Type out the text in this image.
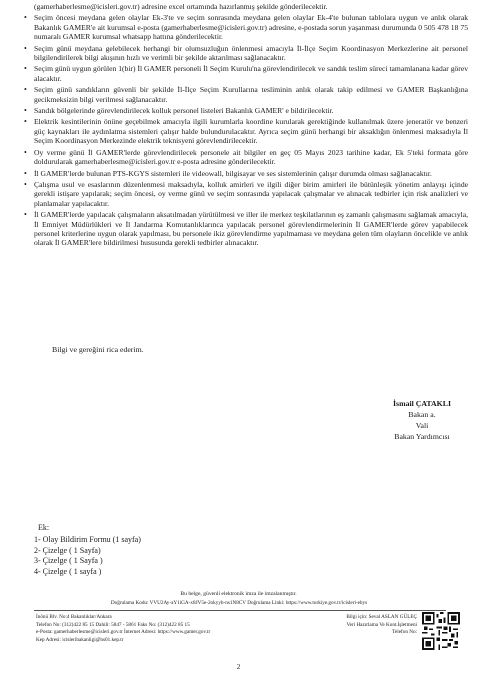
(gamerhaberlesme@icisleri.gov.tr) adresine excel ortamında hazırlanmış şekilde gönderilecektir.
• Seçim öncesi meydana gelen olaylar Ek-3'te ve seçim sonrasında meydana gelen olaylar Ek-4'te bulunan tablolara uygun ve anlık olarak Bakanlık GAMER'e ait kurumsal e-posta (gamerhaberlesme@icisleri.gov.tr) adresine, e-postada sorun yaşanması durumunda 0 505 478 18 75 numaralı GAMER kurumsal whatsapp hattına gönderilecektir.
• Seçim günü meydana gelebilecek herhangi bir olumsuzluğun önlenmesi amacıyla İl-İlçe Seçim Koordinasyon Merkezlerine ait personel bilgilendirilerek bilgi akışının hızlı ve verimli bir şekilde aktarılması sağlanacaktır.
• Seçim günü uygun görülen 1(bir) İl GAMER personeli İl Seçim Kurulu'na görevlendirilecek ve sandık teslim süreci tamamlanana kadar görev alacaktır.
• Seçim günü sandıkların güvenli bir şekilde İl-İlçe Seçim Kurullarına tesliminin anlık olarak takip edilmesi ve GAMER Başkanlığına gecikmeksizin bilgi verilmesi sağlanacaktır.
• Sandık bölgelerinde görevlendirilecek kolluk personel listeleri Bakanlık GAMER' e bildirilecektir.
• Elektrik kesintilerinin önüne geçebilmek amacıyla ilgili kurumlarla koordine kurularak gerektiğinde kullanılmak üzere jeneratör ve benzeri güç kaynakları ile aydınlatma sistemleri çalışır halde bulundurulacaktır. Ayrıca seçim günü herhangi bir aksaklığın önlenmesi maksadıyla İl Seçim Koordinasyon Merkezinde elektrik teknisyeni görevlendirilecektir.
• Oy verme günü İl GAMER'lerde görevlendirilecek personele ait bilgiler en geç 05 Mayıs 2023 tarihine kadar, Ek 5'teki formata göre doldurularak gamerhaberlesme@icisleri.gov.tr e-posta adresine gönderilecektir.
• İl GAMER'lerde bulunan PTS-KGYS sistemleri ile videowall, bilgisayar ve ses sistemlerinin çalışır durumda olması sağlanacaktır.
• Çalışma usul ve esaslarının düzenlenmesi maksadıyla, kolluk amirleri ve ilgili diğer birim amirleri ile bütünleşik yönetim anlayışı içinde gerekli istişare yapılarak; seçim öncesi, oy verme günü ve seçim sonrasında yapılacak çalışmalar ve alınacak tedbirler için risk analizleri ve planlamalar yapılacaktır.
• İl GAMER'lerde yapılacak çalışmaların aksatılmadan yürütülmesi ve iller ile merkez teşkilatlarının eş zamanlı çalışmasını sağlamak amacıyla, İl Emniyet Müdürlükleri ve İl Jandarma Komutanlıklarınca yapılacak personel görevlendirmelerinin İl GAMER'lerde görev yapabilecek personel kriterlerine uygun olarak yapılması, bu personele ikiz görevlendirme yapılmaması ve meydana gelen tüm olayların öncelikle ve anlık olarak İl GAMER'lere bildirilmesi hususunda gerekli tedbirler alınacaktır.
Bilgi ve gereğini rica ederim.
İsmail ÇATAKLI
Bakan a.
Vali
Bakan Yardımcısı
Ek:
1- Olay Bildirim Formu (1 sayfa)
2- Çizelge ( 1 Sayfa)
3- Çizelge ( 1 Sayfa )
4- Çizelge ( 1 sayfa )
Bu belge, güvenli elektronik imza ile imzalanmıştır.
Doğrulama Kodu: VVU2Ay-aY1iGA-x8JV5e-2okyyb-ns1N8CV Doğrulama Linki: https://www.turkiye.gov.tr/icisleri-ebys
İnönü Blv. No:4 Bakanlıklar/Ankara
Telefon No: (312)422 85 15 Dahili: 5847 - 5861 Faks No: (312)422 85 15
e-Posta: gamerhaberlesme@icisleri.gov.tr İnternet Adresi: https://www.gamer.gov.tr
Kep Adresi: icisleribakanligi@hs01.kep.tr
Bilgi için: Seval ASLAN GÜLEÇ
Veri Hazırlama Ve Kont.İşletmeni
Telefon No:
2
